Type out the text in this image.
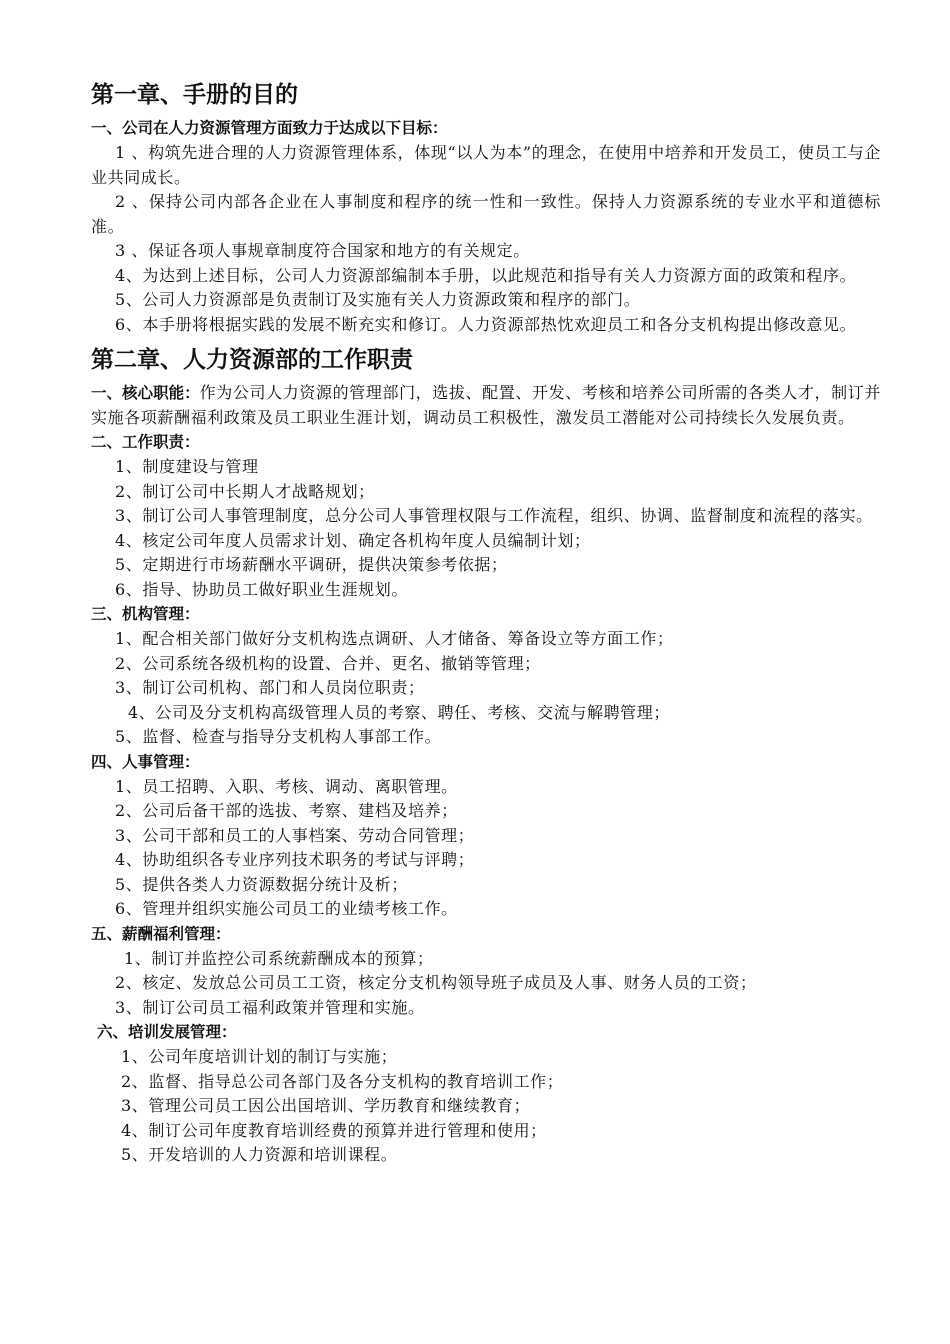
第一章、手册的目的
一、公司在人力资源管理方面致力于达成以下目标：
1 、构筑先进合理的人力资源管理体系，体现“以人为本”的理念，在使用中培养和开发员工，使员工与企业共同成长。
2 、保持公司内部各企业在人事制度和程序的统一性和一致性。保持人力资源系统的专业水平和道德标准。
3 、保证各项人事规章制度符合国家和地方的有关规定。
4、为达到上述目标，公司人力资源部编制本手册，以此规范和指导有关人力资源方面的政策和程序。
5、公司人力资源部是负责制订及实施有关人力资源政策和程序的部门。
6、本手册将根据实践的发展不断充实和修订。人力资源部热忱欢迎员工和各分支机构提出修改意见。
第二章、人力资源部的工作职责
一、核心职能：作为公司人力资源的管理部门，选拔、配置、开发、考核和培养公司所需的各类人才，制订并实施各项薪酬福利政策及员工职业生涯计划，调动员工积极性，激发员工潜能对公司持续长久发展负责。
二、工作职责：
1、制度建设与管理
2、制订公司中长期人才战略规划；
3、制订公司人事管理制度，总分公司人事管理权限与工作流程，组织、协调、监督制度和流程的落实。
4、核定公司年度人员需求计划、确定各机构年度人员编制计划；
5、定期进行市场薪酬水平调研，提供决策参考依据；
6、指导、协助员工做好职业生涯规划。
三、机构管理：
1、配合相关部门做好分支机构选点调研、人才储备、筹备设立等方面工作；
2、公司系统各级机构的设置、合并、更名、撤销等管理；
3、制订公司机构、部门和人员岗位职责；
4、公司及分支机构高级管理人员的考察、聘任、考核、交流与解聘管理；
5、监督、检查与指导分支机构人事部工作。
四、人事管理：
1、员工招聘、入职、考核、调动、离职管理。
2、公司后备干部的选拔、考察、建档及培养；
3、公司干部和员工的人事档案、劳动合同管理；
4、协助组织各专业序列技术职务的考试与评聘；
5、提供各类人力资源数据分统计及析；
6、管理并组织实施公司员工的业绩考核工作。
五、薪酬福利管理：
1、制订并监控公司系统薪酬成本的预算；
2、核定、发放总公司员工工资，核定分支机构领导班子成员及人事、财务人员的工资；
3、制订公司员工福利政策并管理和实施。
六、培训发展管理：
1、公司年度培训计划的制订与实施；
2、监督、指导总公司各部门及各分支机构的教育培训工作；
3、管理公司员工因公出国培训、学历教育和继续教育；
4、制订公司年度教育培训经费的预算并进行管理和使用；
5、开发培训的人力资源和培训课程。
